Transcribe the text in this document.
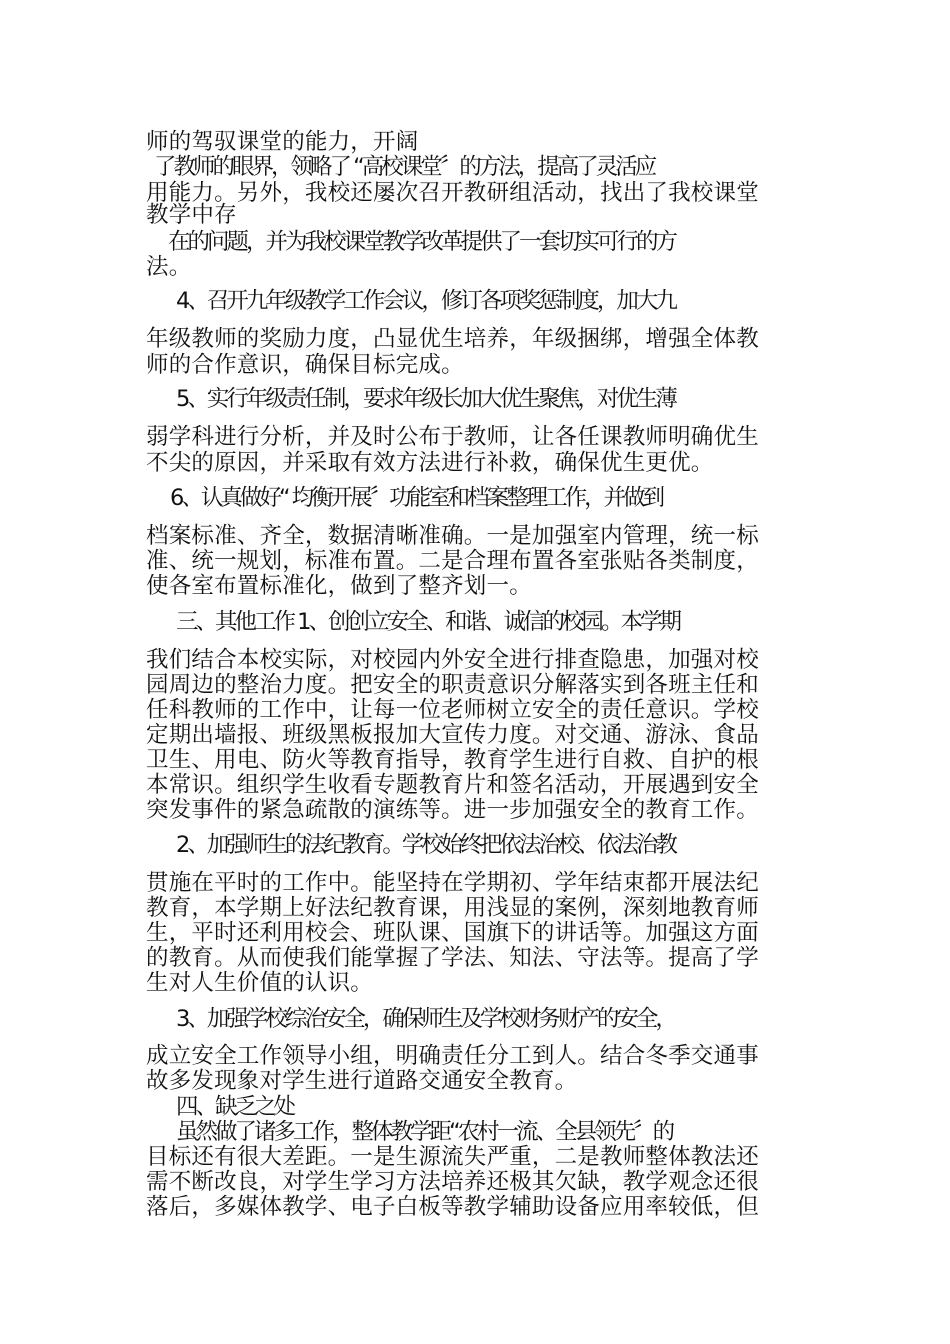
师的驾驭课堂的能力，开阔
了教师的眼界，领略了 “高校课堂〞的方法，提高了灵活应
用能力。另外，我校还屡次召开教研组活动，找出了我校课堂
教学中存
在的问题，并为我校课堂教学改革提供了一套切实可行的方
法。
4、召开九年级教学工作会议，修订各项奖惩制度，加大九
年级教师的奖励力度，凸显优生培养，年级捆绑，增强全体教
师的合作意识，确保目标完成。
5、实行年级责任制，要求年级长加大优生聚焦，对优生薄
弱学科进行分析，并及时公布于教师，让各任课教师明确优生
不尖的原因，并采取有效方法进行补救，确保优生更优。
6、认真做好“ 均衡开展〞功能室和档案整理工作，并做到
档案标准、齐全，数据清晰准确。一是加强室内管理，统一标
准、统一规划，标准布置。二是合理布置各室张贴各类制度，
使各室布置标准化，做到了整齐划一。
三、其他工作 1、创创立安全、和谐、诚信的校园。本学期
我们结合本校实际，对校园内外安全进行排查隐患，加强对校
园周边的整治力度。把安全的职责意识分解落实到各班主任和
任科教师的工作中，让每一位老师树立安全的责任意识。学校
定期出墙报、班级黑板报加大宣传力度。对交通、游泳、食品
卫生、用电、防火等教育指导，教育学生进行自救、自护的根
本常识。组织学生收看专题教育片和签名活动，开展遇到安全
突发事件的紧急疏散的演练等。进一步加强安全的教育工作。
2、加强师生的法纪教育。学校始终把依法治校、依法治教
贯施在平时的工作中。能坚持在学期初、学年结束都开展法纪
教育，本学期上好法纪教育课，用浅显的案例，深刻地教育师
生，平时还利用校会、班队课、国旗下的讲话等。加强这方面
的教育。从而使我们能掌握了学法、知法、守法等。提高了学
生对人生价值的认识。
3、加强学校综治安全，确保师生及学校财务财产的安全，
成立安全工作领导小组，明确责任分工到人。结合冬季交通事
故多发现象对学生进行道路交通安全教育。
四、缺乏之处
虽然做了诸多工作，整体教学距“农村一流、全县领先〞的
目标还有很大差距。一是生源流失严重，二是教师整体教法还
需不断改良，对学生学习方法培养还极其欠缺，教学观念还很
落后，多媒体教学、电子白板等教学辅助设备应用率较低，但
